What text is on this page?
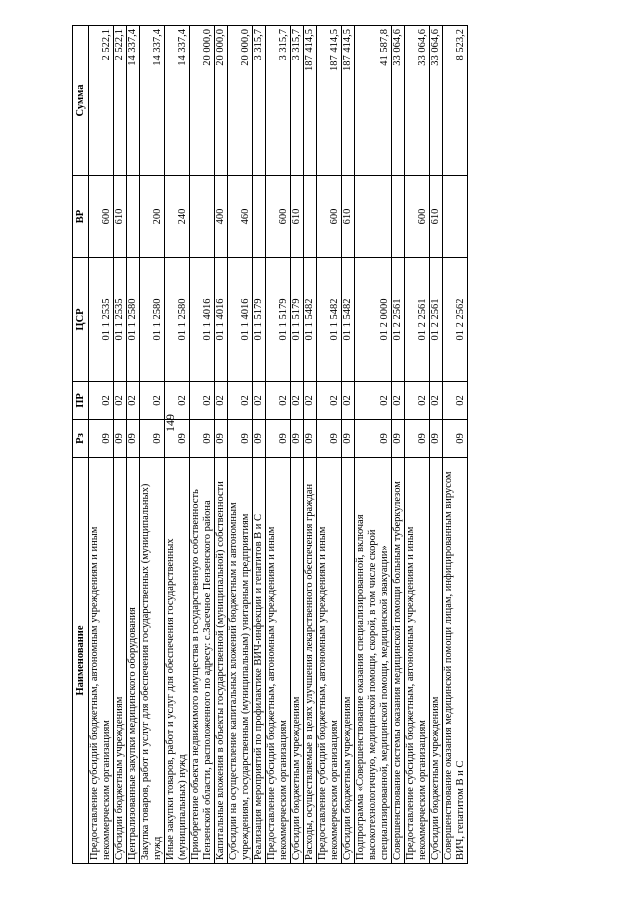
149
Наименование	Рз	ПР	ЦСР	ВР	Сумма
Предоставление субсидий бюджетным, автономным учреждениям и иным некоммерческим организациям	09	02	01 1 2535	600	2 522,1
Субсидии бюджетным учреждениям	09	02	01 1 2535	610	2 522,1
Централизованные закупки медицинского оборудования	09	02	01 1 2580		14 337,4
Закупка товаров, работ и услуг для обеспечения государственных (муниципальных) нужд	09	02	01 1 2580	200	14 337,4
Иные закупки товаров, работ и услуг для обеспечения государственных (муниципальных) нужд	09	02	01 1 2580	240	14 337,4
Приобретение объекта недвижимого имущества в государственную собственность Пензенской области, расположенного по адресу: с.Засечное Пензенского района	09	02	01 1 4016		20 000,0
Капитальные вложения в объекты государственной (муниципальной) собственности	09	02	01 1 4016	400	20 000,0
Субсидии на осуществление капитальных вложений бюджетным и автономным учреждениям, государственным (муниципальным) унитарным предприятиям	09	02	01 1 4016	460	20 000,0
Реализация мероприятий по профилактике ВИЧ-инфекции и гепатитов В и С	09	02	01 1 5179		3 315,7
Предоставление субсидий бюджетным, автономным учреждениям и иным некоммерческим организациям	09	02	01 1 5179	600	3 315,7
Субсидии бюджетным учреждениям	09	02	01 1 5179	610	3 315,7
Расходы, осуществляемые в целях улучшения лекарственного обеспечения граждан	09	02	01 1 5482		187 414,5
Предоставление субсидий бюджетным, автономным учреждениям и иным некоммерческим организациям	09	02	01 1 5482	600	187 414,5
Субсидии бюджетным учреждениям	09	02	01 1 5482	610	187 414,5
Подпрограмма «Совершенствование оказания специализированной, включая высокотехнологичную, медицинской помощи, скорой, в том числе скорой специализированной, медицинской помощи, медицинской эвакуации»	09	02	01 2 0000		41 587,8
Совершенствование системы оказания медицинской помощи больным туберкулезом	09	02	01 2 2561		33 064,6
Предоставление субсидий бюджетным, автономным учреждениям и иным некоммерческим организациям	09	02	01 2 2561	600	33 064,6
Субсидии бюджетным учреждениям	09	02	01 2 2561	610	33 064,6
Совершенствование оказания медицинской помощи лицам, инфицированным вирусом ВИЧ, гепатитом В и С	09	02	01 2 2562		8 523,2
